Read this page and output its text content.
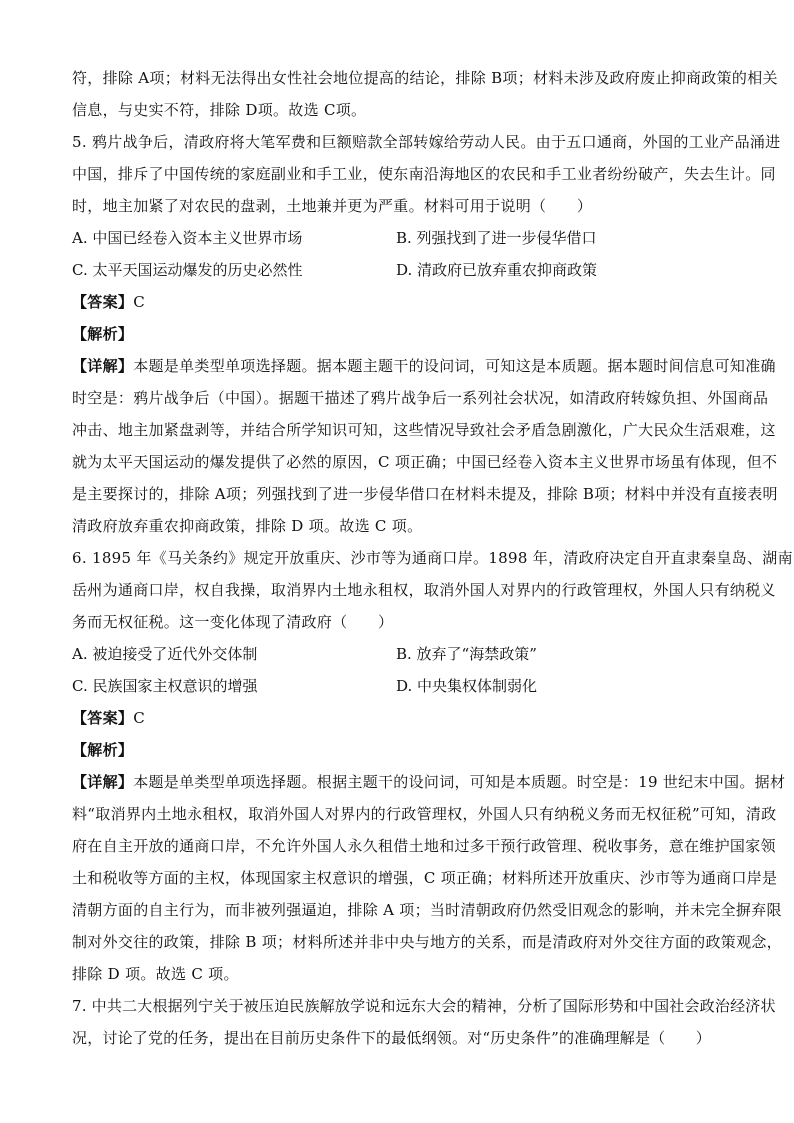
符，排除 A项；材料无法得出女性社会地位提高的结论，排除 B项；材料未涉及政府废止抑商政策的相关
信息，与史实不符，排除 D项。故选 C项。
5. 鸦片战争后，清政府将大笔军费和巨额赔款全部转嫁给劳动人民。由于五口通商，外国的工业产品涌进
中国，排斥了中国传统的家庭副业和手工业，使东南沿海地区的农民和手工业者纷纷破产，失去生计。同
时，地主加紧了对农民的盘剥，土地兼并更为严重。材料可用于说明（　　）
A. 中国已经卷入资本主义世界市场	B. 列强找到了进一步侵华借口
C. 太平天国运动爆发的历史必然性	D. 清政府已放弃重农抑商政策
【答案】C
【解析】
【详解】本题是单类型单项选择题。据本题主题干的设问词，可知这是本质题。据本题时间信息可知准确
时空是：鸦片战争后（中国）。据题干描述了鸦片战争后一系列社会状况，如清政府转嫁负担、外国商品
冲击、地主加紧盘剥等，并结合所学知识可知，这些情况导致社会矛盾急剧激化，广大民众生活艰难，这
就为太平天国运动的爆发提供了必然的原因，C 项正确；中国已经卷入资本主义世界市场虽有体现，但不
是主要探讨的，排除 A项；列强找到了进一步侵华借口在材料未提及，排除 B项；材料中并没有直接表明
清政府放弃重农抑商政策，排除 D 项。故选 C 项。
6. 1895 年《马关条约》规定开放重庆、沙市等为通商口岸。1898 年，清政府决定自开直隶秦皇岛、湖南
岳州为通商口岸，权自我操，取消界内土地永租权，取消外国人对界内的行政管理权，外国人只有纳税义
务而无权征税。这一变化体现了清政府（　　）
A. 被迫接受了近代外交体制	B. 放弃了“海禁政策”
C. 民族国家主权意识的增强	D. 中央集权体制弱化
【答案】C
【解析】
【详解】本题是单类型单项选择题。根据主题干的设问词，可知是本质题。时空是：19 世纪末中国。据材
料“取消界内土地永租权，取消外国人对界内的行政管理权，外国人只有纳税义务而无权征税”可知，清政
府在自主开放的通商口岸，不允许外国人永久租借土地和过多干预行政管理、税收事务，意在维护国家领
土和税收等方面的主权，体现国家主权意识的增强，C 项正确；材料所述开放重庆、沙市等为通商口岸是
清朝方面的自主行为，而非被列强逼迫，排除 A 项；当时清朝政府仍然受旧观念的影响，并未完全摒弃限
制对外交往的政策，排除 B 项；材料所述并非中央与地方的关系，而是清政府对外交往方面的政策观念，
排除 D 项。故选 C 项。
7. 中共二大根据列宁关于被压迫民族解放学说和远东大会的精神，分析了国际形势和中国社会政治经济状
况，讨论了党的任务，提出在目前历史条件下的最低纲领。对“历史条件”的准确理解是（　　）
